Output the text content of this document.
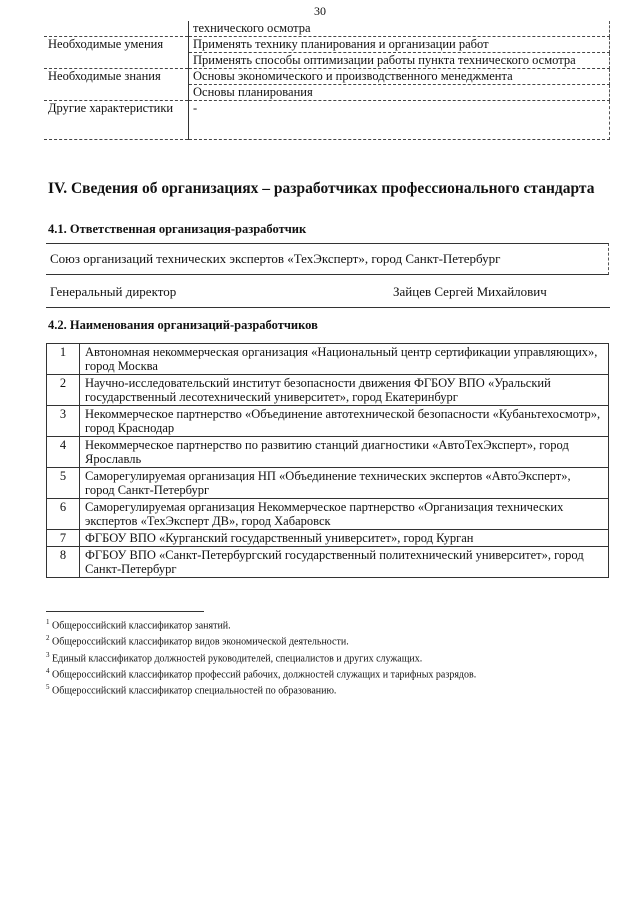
30
	технического осмотра
Необходимые умения	Применять технику планирования и организации работ
	Применять способы оптимизации работы пункта технического осмотра
Необходимые знания	Основы экономического и производственного менеджмента
	Основы планирования
Другие характеристики	-
IV. Сведения об организациях – разработчиках профессионального стандарта
4.1. Ответственная организация-разработчик
Союз организаций технических экспертов «ТехЭксперт», город Санкт-Петербург
Генеральный директор	Зайцев Сергей Михайлович
4.2. Наименования организаций-разработчиков
1	Автономная некоммерческая организация «Национальный центр сертификации управляющих», город Москва
2	Научно-исследовательский институт безопасности движения ФГБОУ ВПО «Уральский государственный лесотехнический университет», город Екатеринбург
3	Некоммерческое партнерство «Объединение автотехнической безопасности «Кубаньтехосмотр», город Краснодар
4	Некоммерческое партнерство по развитию станций диагностики «АвтоТехЭксперт», город Ярославль
5	Саморегулируемая организация НП «Объединение технических экспертов «АвтоЭксперт», город Санкт-Петербург
6	Саморегулируемая организация Некоммерческое партнерство «Организация технических экспертов «ТехЭксперт ДВ», город Хабаровск
7	ФГБОУ ВПО «Курганский государственный университет», город Курган
8	ФГБОУ ВПО «Санкт-Петербургский государственный политехнический университет», город Санкт-Петербург
$^1$ Общероссийский классификатор занятий.
$^2$ Общероссийский классификатор видов экономической деятельности.
$^3$ Единый классификатор должностей руководителей, специалистов и других служащих.
$^4$ Общероссийский классификатор профессий рабочих, должностей служащих и тарифных разрядов.
$^5$ Общероссийский классификатор специальностей по образованию.
